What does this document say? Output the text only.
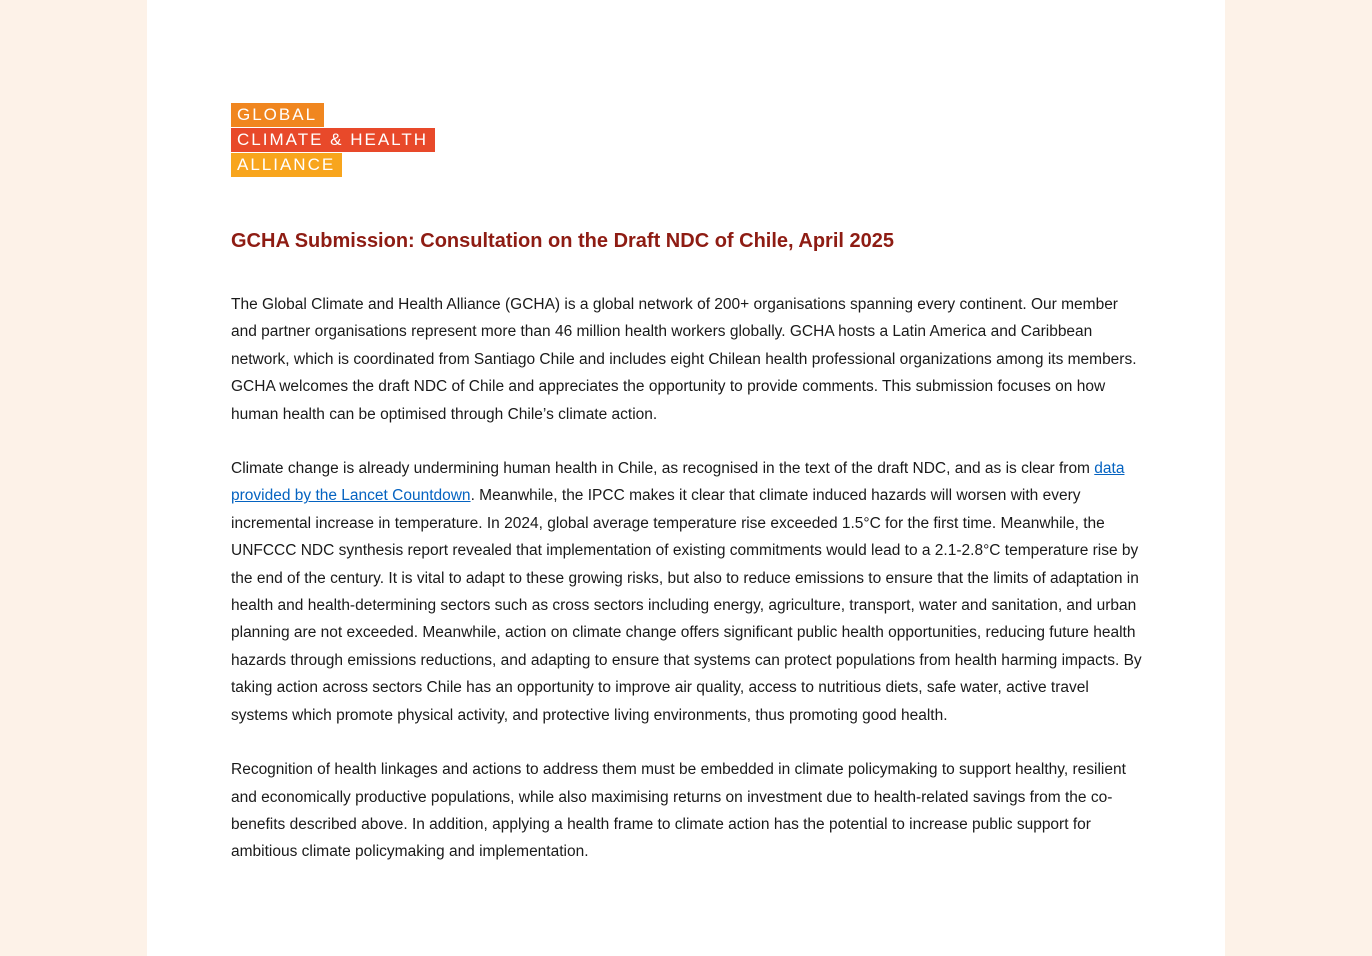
GLOBAL
CLIMATE & HEALTH
ALLIANCE
GCHA Submission: Consultation on the Draft NDC of Chile, April 2025

The Global Climate and Health Alliance (GCHA) is a global network of 200+ organisations spanning every continent. Our member and partner organisations represent more than 46 million health workers globally. GCHA hosts a Latin America and Caribbean network, which is coordinated from Santiago Chile and includes eight Chilean health professional organizations among its members. GCHA welcomes the draft NDC of Chile and appreciates the opportunity to provide comments. This submission focuses on how human health can be optimised through Chile’s climate action.

Climate change is already undermining human health in Chile, as recognised in the text of the draft NDC, and as is clear from data provided by the Lancet Countdown. Meanwhile, the IPCC makes it clear that climate induced hazards will worsen with every incremental increase in temperature. In 2024, global average temperature rise exceeded 1.5°C for the first time. Meanwhile, the UNFCCC NDC synthesis report revealed that implementation of existing commitments would lead to a 2.1-2.8°C temperature rise by the end of the century. It is vital to adapt to these growing risks, but also to reduce emissions to ensure that the limits of adaptation in health and health-determining sectors such as cross sectors including energy, agriculture, transport, water and sanitation, and urban planning are not exceeded. Meanwhile, action on climate change offers significant public health opportunities, reducing future health hazards through emissions reductions, and adapting to ensure that systems can protect populations from health harming impacts. By taking action across sectors Chile has an opportunity to improve air quality, access to nutritious diets, safe water, active travel systems which promote physical activity, and protective living environments, thus promoting good health.

Recognition of health linkages and actions to address them must be embedded in climate policymaking to support healthy, resilient and economically productive populations, while also maximising returns on investment due to health-related savings from the co-benefits described above. In addition, applying a health frame to climate action has the potential to increase public support for ambitious climate policymaking and implementation.
